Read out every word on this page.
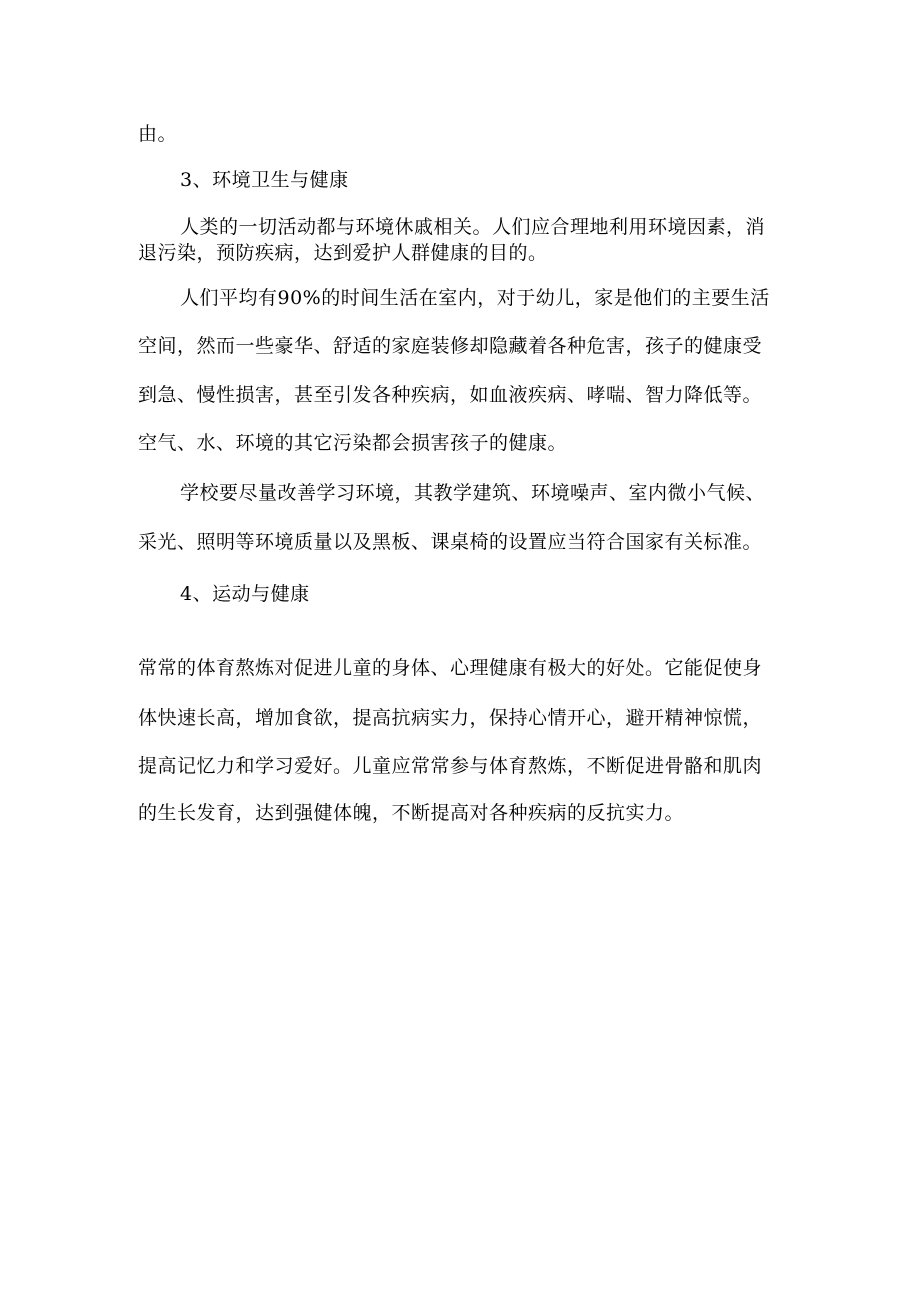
由。
3、环境卫生与健康
人类的一切活动都与环境休戚相关。人们应合理地利用环境因素，消
退污染，预防疾病，达到爱护人群健康的目的。
人们平均有90%的时间生活在室内，对于幼儿，家是他们的主要生活
空间，然而一些豪华、舒适的家庭装修却隐藏着各种危害，孩子的健康受
到急、慢性损害，甚至引发各种疾病，如血液疾病、哮喘、智力降低等。
空气、水、环境的其它污染都会损害孩子的健康。
学校要尽量改善学习环境，其教学建筑、环境噪声、室内微小气候、
采光、照明等环境质量以及黑板、课桌椅的设置应当符合国家有关标准。
4、运动与健康
常常的体育熬炼对促进儿童的身体、心理健康有极大的好处。它能促使身
体快速长高，增加食欲，提高抗病实力，保持心情开心，避开精神惊慌，
提高记忆力和学习爱好。儿童应常常参与体育熬炼，不断促进骨骼和肌肉
的生长发育，达到强健体魄，不断提高对各种疾病的反抗实力。
